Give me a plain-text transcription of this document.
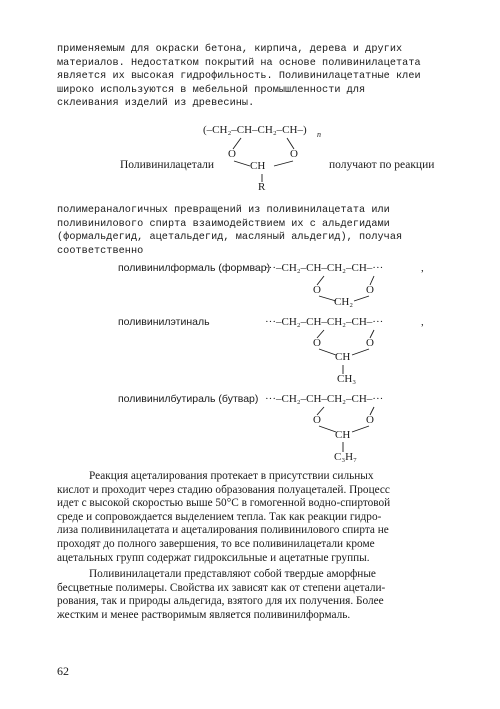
применяемым для окраски бетона, кирпича, дерева и других
материалов. Недостатком покрытий на основе поливинилацетата
является их высокая гидрофильность. Поливинилацетатные клеи
широко используются в мебельной промышленности для
склеивания изделий из древесины.
(–CH₂–CH–CH₂–CH–) n
O	O
CH
R
Поливинилацетали	получают по реакции
полимераналогичных превращений из поливинилацетата или
поливинилового спирта взаимодействием их с альдегидами
(формальдегид, ацетальдегид, масляный альдегид), получая
соответственно
поливинилформаль (формвар)
···–CH₂–CH–CH₂–CH–···	,
O	O
CH₂
поливинилэтиналь	···–CH₂–CH–CH₂–CH–···	,
O	O
CH
CH₃
поливинилбутираль (бутвар) ···–CH₂–CH–CH₂–CH–···
O	O
CH
C₃H₇
Реакция ацеталирования протекает в присутствии сильных
кислот и проходит через стадию образования полуацеталей. Процесс
идет с высокой скоростью выше 50°C в гомогенной водно-спиртовой
среде и сопровождается выделением тепла. Так как реакции гидро-
лиза поливинилацетата и ацеталирования поливинилового спирта не
проходят до полного завершения, то все поливинилацетали кроме
ацетальных групп содержат гидроксильные и ацетатные группы.
Поливинилацетали представляют собой твердые аморфные
бесцветные полимеры. Свойства их зависят как от степени ацетали-
рования, так и природы альдегида, взятого для их получения. Более
жестким и менее растворимым является поливинилформаль.
62
